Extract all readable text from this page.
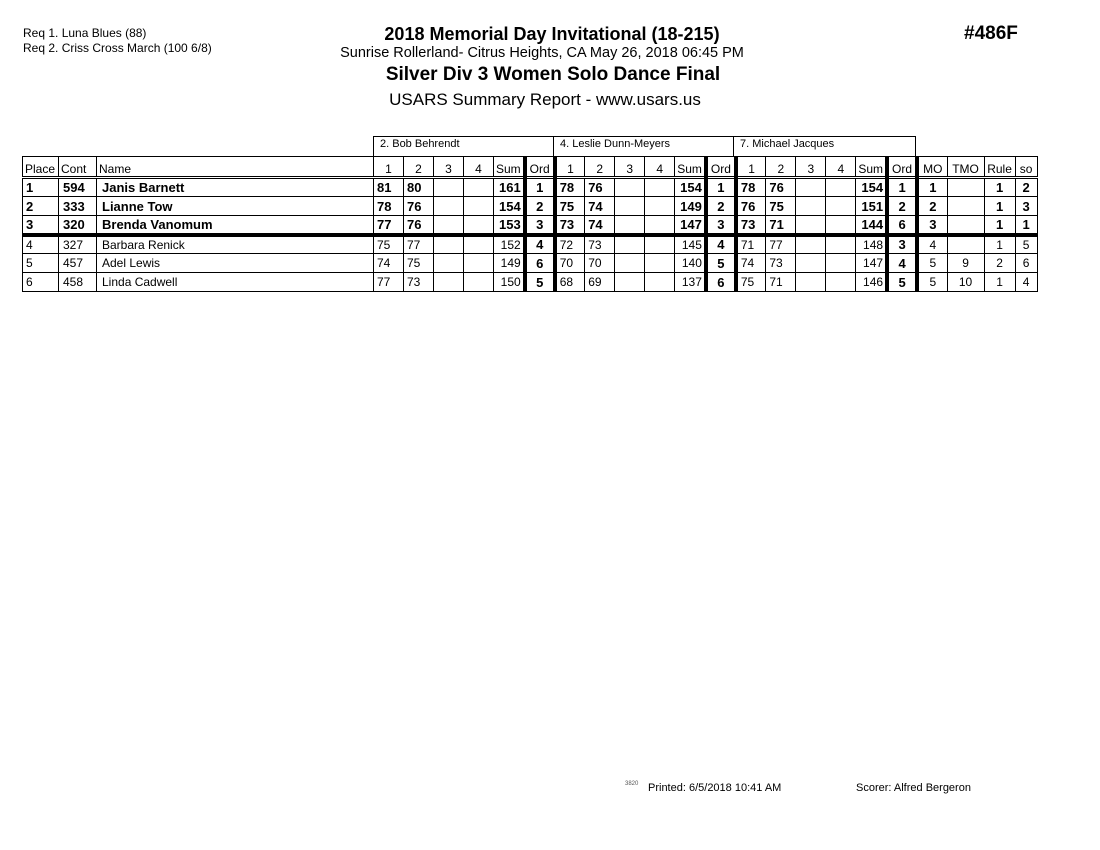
Req 1. Luna Blues (88)
Req 2. Criss Cross March (100 6/8)
2018 Memorial Day Invitational (18-215)
Sunrise Rollerland- Citrus Heights, CA May 26, 2018 06:45 PM
Silver Div 3 Women Solo Dance Final
USARS Summary Report - www.usars.us
#486F
2. Bob Behrendt	4. Leslie Dunn-Meyers	7. Michael Jacques
Place	Cont	Name	1	2	3	4	Sum	Ord	1	2	3	4	Sum	Ord	1	2	3	4	Sum	Ord	MO	TMO	Rule	so
1	594	Janis Barnett	81	80			161	1	78	76			154	1	78	76			154	1	1		1	2
2	333	Lianne Tow	78	76			154	2	75	74			149	2	76	75			151	2	2		1	3
3	320	Brenda Vanomum	77	76			153	3	73	74			147	3	73	71			144	6	3		1	1
4	327	Barbara Renick	75	77			152	4	72	73			145	4	71	77			148	3	4		1	5
5	457	Adel Lewis	74	75			149	6	70	70			140	5	74	73			147	4	5	9	2	6
6	458	Linda Cadwell	77	73			150	5	68	69			137	6	75	71			146	5	5	10	1	4
3820 Printed: 6/5/2018 10:41 AM	Scorer: Alfred Bergeron
